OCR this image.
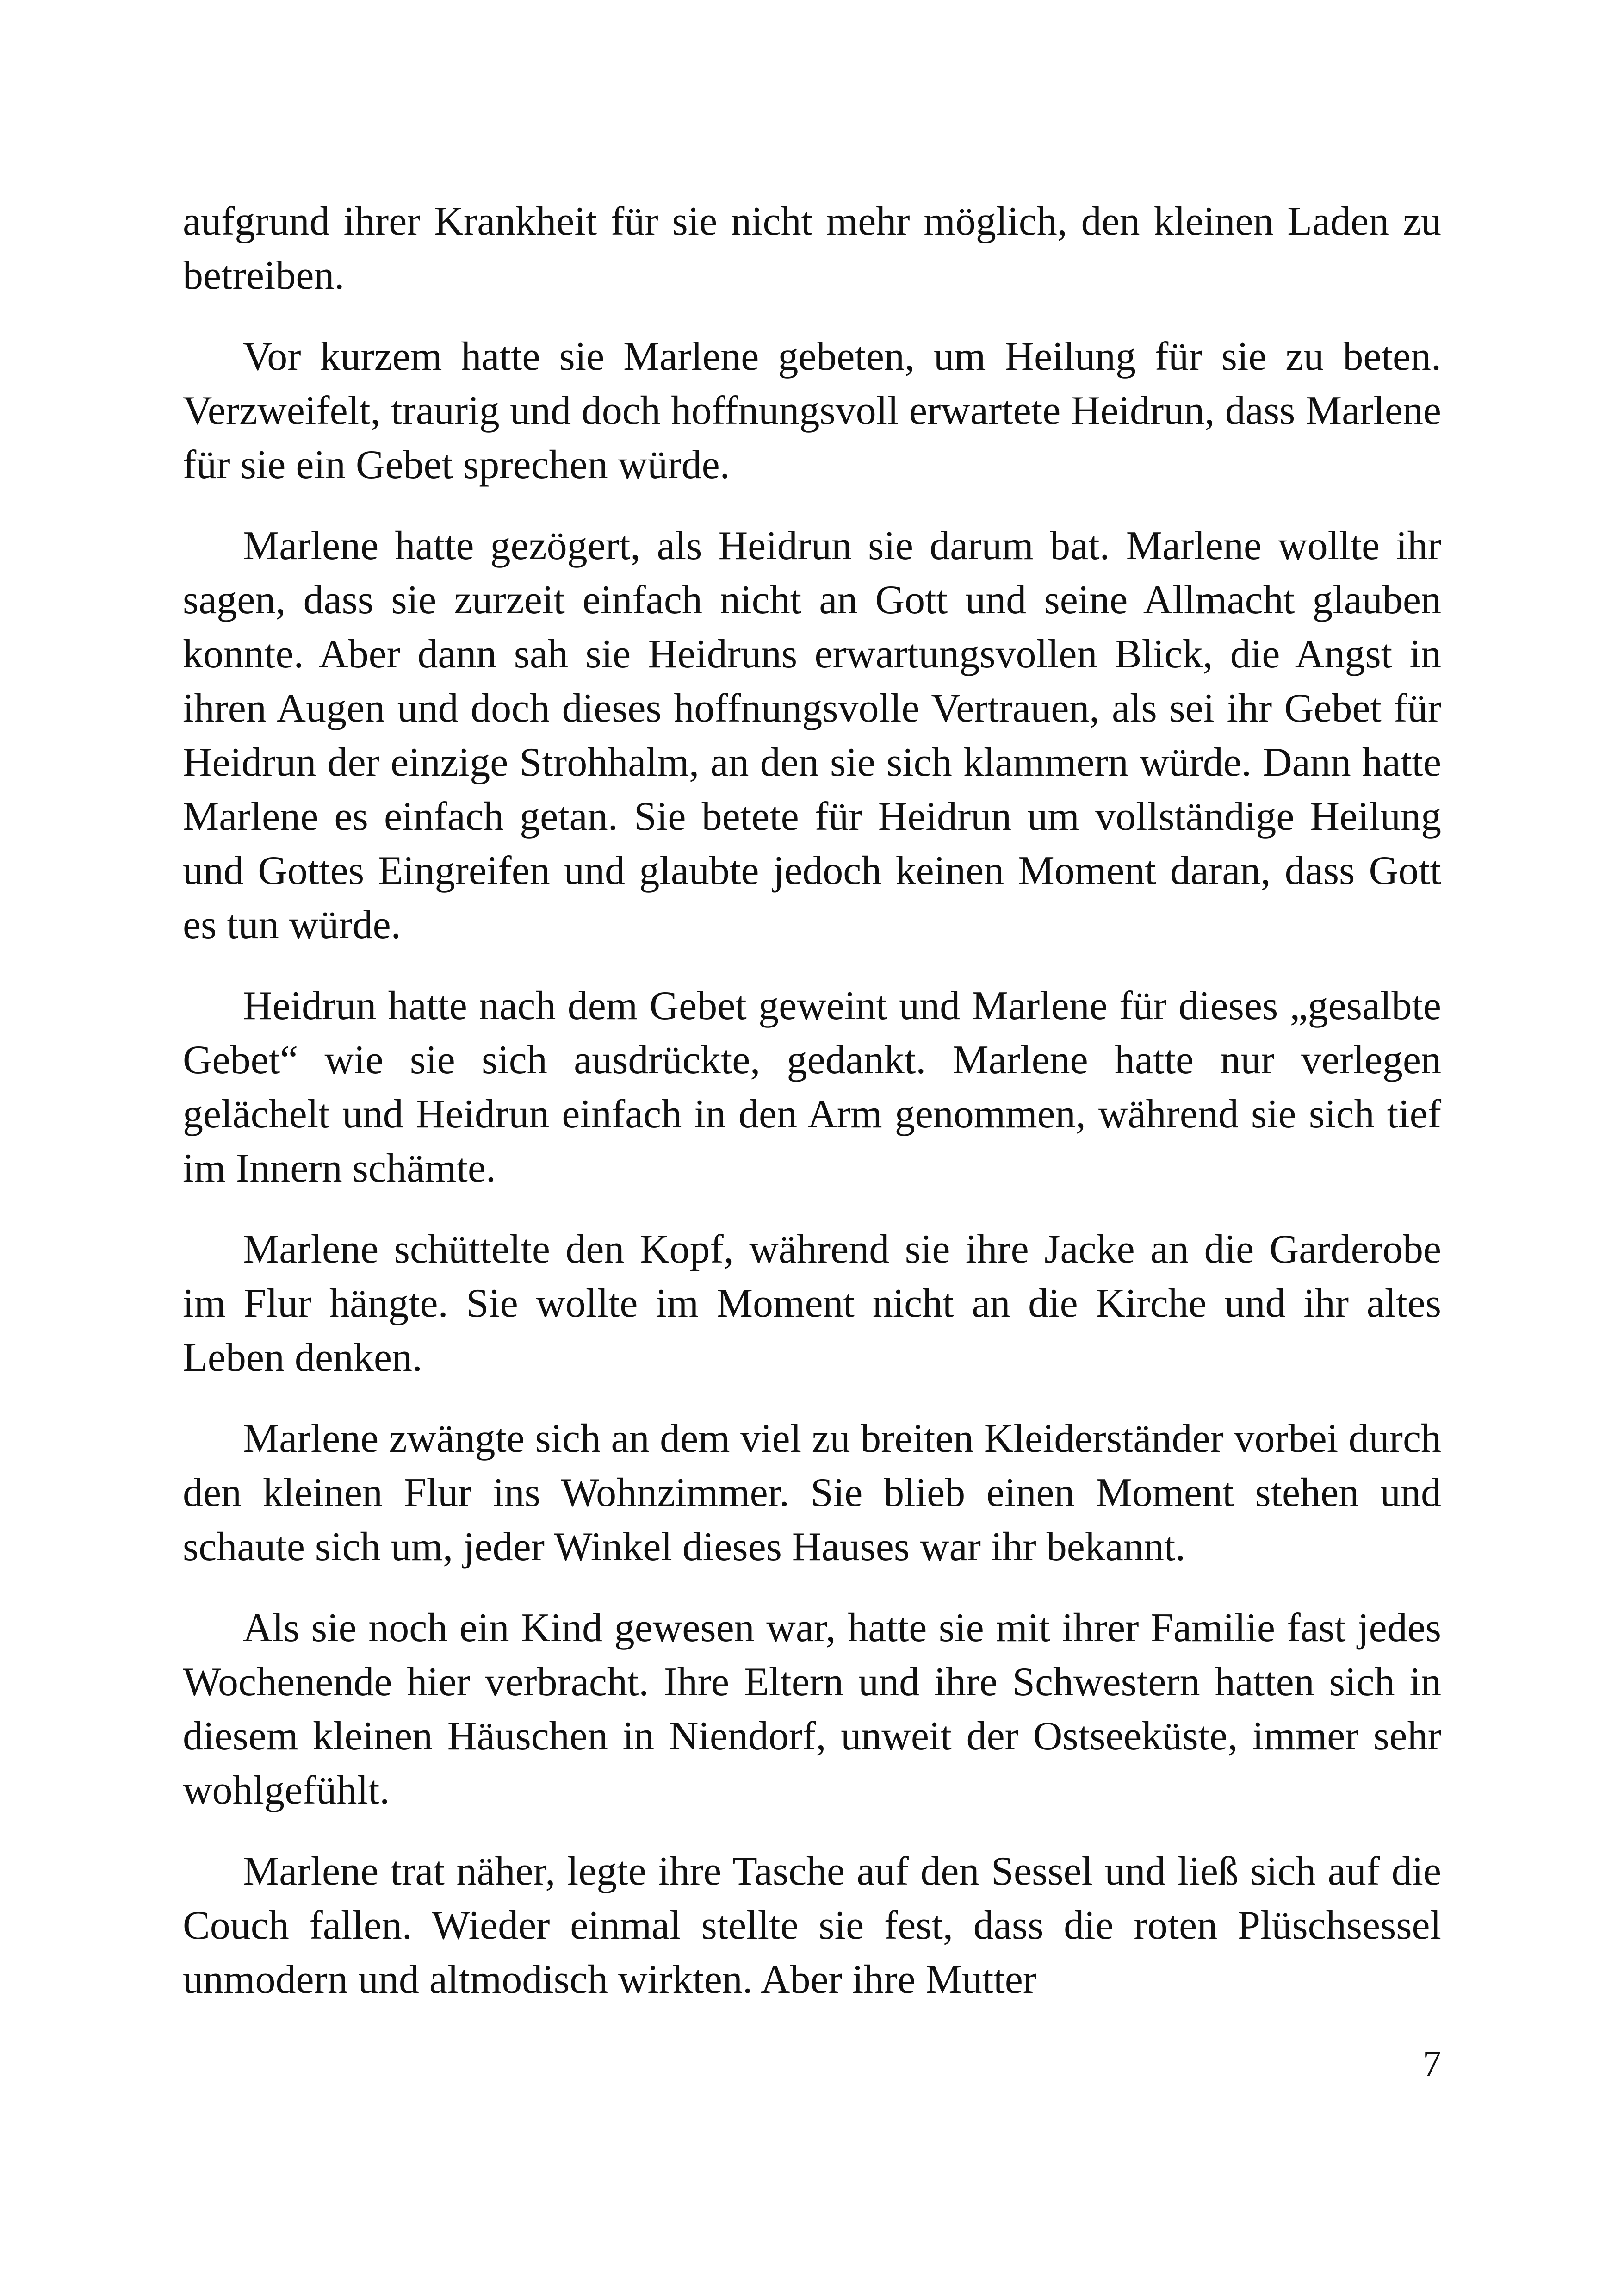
aufgrund ihrer Krankheit für sie nicht mehr möglich, den kleinen Laden zu betreiben.

Vor kurzem hatte sie Marlene gebeten, um Heilung für sie zu beten. Verzweifelt, traurig und doch hoffnungsvoll erwartete Heidrun, dass Marlene für sie ein Gebet sprechen würde.

Marlene hatte gezögert, als Heidrun sie darum bat. Marlene wollte ihr sagen, dass sie zurzeit einfach nicht an Gott und seine Allmacht glauben konnte. Aber dann sah sie Heidruns erwartungsvollen Blick, die Angst in ihren Augen und doch dieses hoffnungsvolle Vertrauen, als sei ihr Gebet für Heidrun der einzige Strohhalm, an den sie sich klammern würde. Dann hatte Marlene es einfach getan. Sie betete für Heidrun um vollständige Heilung und Gottes Eingreifen und glaubte jedoch keinen Moment daran, dass Gott es tun würde.

Heidrun hatte nach dem Gebet geweint und Marlene für dieses „gesalbte Gebet“ wie sie sich ausdrückte, gedankt. Marlene hatte nur verlegen gelächelt und Heidrun einfach in den Arm genommen, während sie sich tief im Innern schämte.

Marlene schüttelte den Kopf, während sie ihre Jacke an die Garderobe im Flur hängte. Sie wollte im Moment nicht an die Kirche und ihr altes Leben denken.

Marlene zwängte sich an dem viel zu breiten Kleiderständer vorbei durch den kleinen Flur ins Wohnzimmer. Sie blieb einen Moment stehen und schaute sich um, jeder Winkel dieses Hauses war ihr bekannt.

Als sie noch ein Kind gewesen war, hatte sie mit ihrer Familie fast jedes Wochenende hier verbracht. Ihre Eltern und ihre Schwestern hatten sich in diesem kleinen Häuschen in Niendorf, unweit der Ostseeküste, immer sehr wohlgefühlt.

Marlene trat näher, legte ihre Tasche auf den Sessel und ließ sich auf die Couch fallen. Wieder einmal stellte sie fest, dass die roten Plüschsessel unmodern und altmodisch wirkten. Aber ihre Mutter

7
